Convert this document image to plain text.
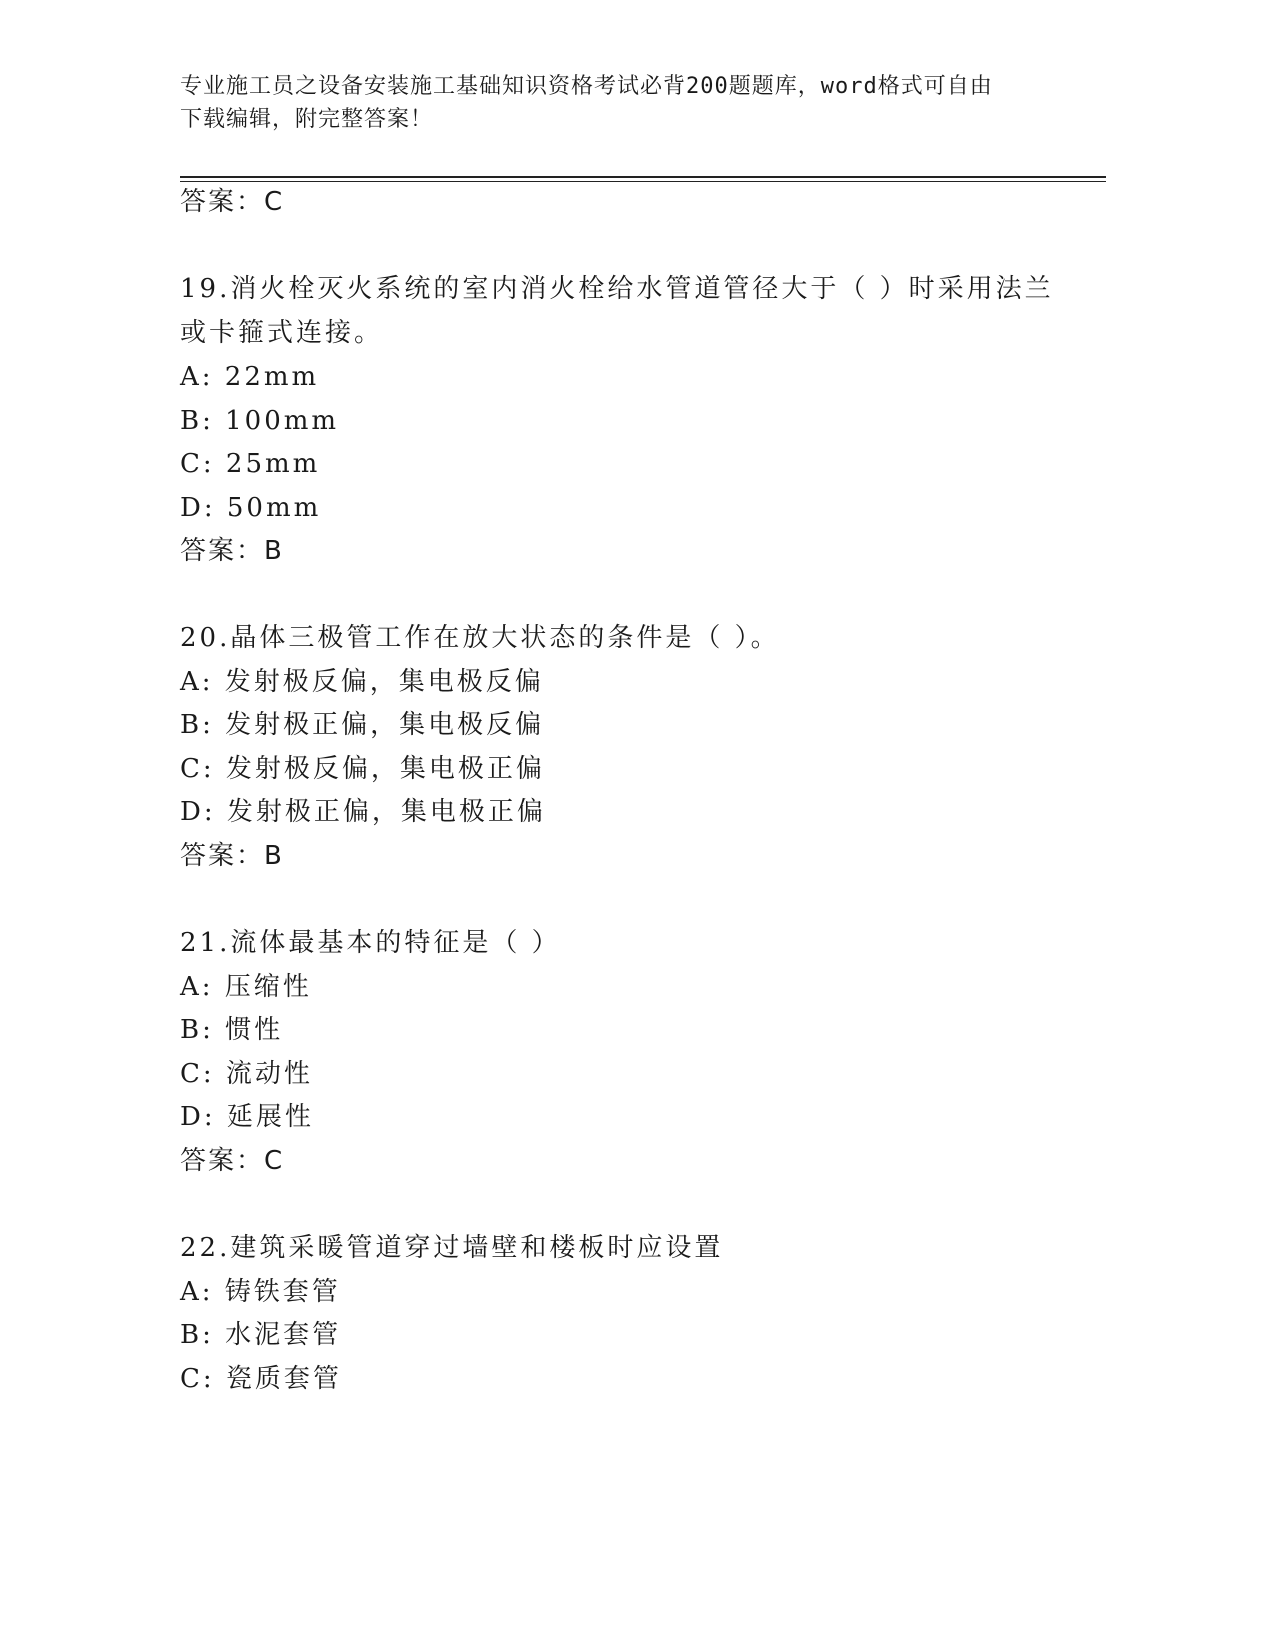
专业施工员之设备安装施工基础知识资格考试必背200题题库，word格式可自由
下载编辑，附完整答案！
答案：C
19.消火栓灭火系统的室内消火栓给水管道管径大于（ ）时采用法兰
或卡箍式连接。
A: 22mm
B: 100mm
C: 25mm
D: 50mm
答案：B
20.晶体三极管工作在放大状态的条件是（ ）。
A: 发射极反偏，集电极反偏
B: 发射极正偏，集电极反偏
C: 发射极反偏，集电极正偏
D: 发射极正偏，集电极正偏
答案：B
21.流体最基本的特征是（ ）
A: 压缩性
B: 惯性
C: 流动性
D: 延展性
答案：C
22.建筑采暖管道穿过墙壁和楼板时应设置
A: 铸铁套管
B: 水泥套管
C: 瓷质套管
